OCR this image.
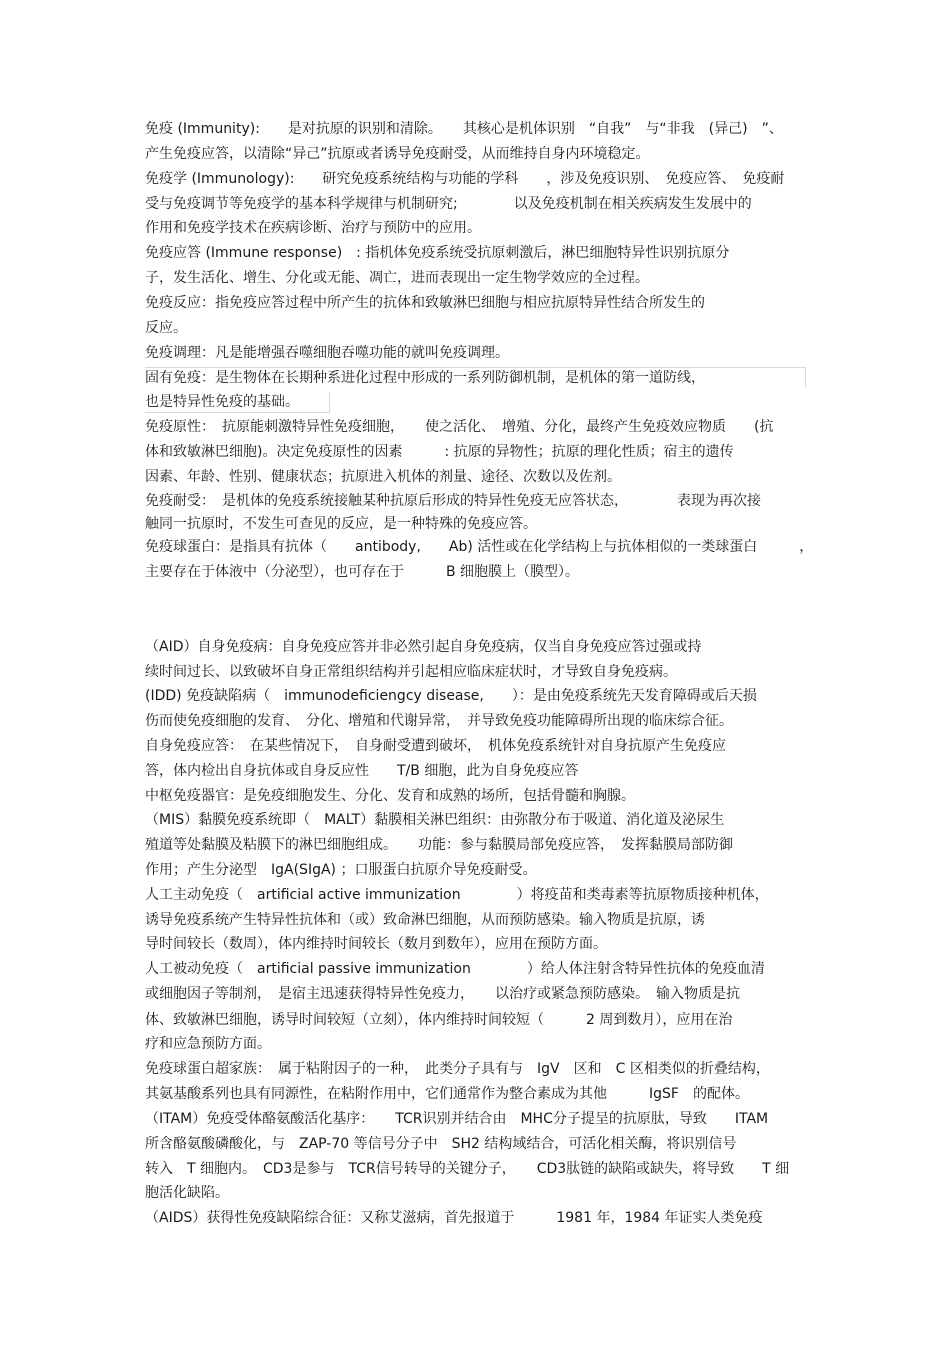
免疫 (Immunity):　　是对抗原的识别和清除。　　其核心是机体识别　“自我”　与“非我　(异己)　”、
产生免疫应答，以清除“异己”抗原或者诱导免疫耐受，从而维持自身内环境稳定。
免疫学 (Immunology):　　研究免疫系统结构与功能的学科　　，涉及免疫识别、　免疫应答、　免疫耐
受与免疫调节等免疫学的基本科学规律与机制研究;　　　　以及免疫机制在相关疾病发生发展中的
作用和免疫学技术在疾病诊断、治疗与预防中的应用。
免疫应答 (Immune response)　: 指机体免疫系统受抗原刺激后，淋巴细胞特异性识别抗原分
子，发生活化、增生、分化或无能、凋亡，进而表现出一定生物学效应的全过程。
免疫反应：指免疫应答过程中所产生的抗体和致敏淋巴细胞与相应抗原特异性结合所发生的
反应。
免疫调理：凡是能增强吞噬细胞吞噬功能的就叫免疫调理。
固有免疫：是生物体在长期种系进化过程中形成的一系列防御机制，是机体的第一道防线，
也是特异性免疫的基础。
免疫原性：　抗原能刺激特异性免疫细胞，　　使之活化、　增殖、分化，最终产生免疫效应物质　　(抗
体和致敏淋巴细胞)。决定免疫原性的因素　　　: 抗原的异物性；抗原的理化性质；宿主的遗传
因素、年龄、性别、健康状态；抗原进入机体的剂量、途径、次数以及佐剂。
免疫耐受：　是机体的免疫系统接触某种抗原后形成的特异性免疫无应答状态，　　　　表现为再次接
触同一抗原时，不发生可查见的反应，是一种特殊的免疫应答。
免疫球蛋白：是指具有抗体（　　antibody,　　Ab) 活性或在化学结构上与抗体相似的一类球蛋白　　　，
主要存在于体液中（分泌型），也可存在于　　　B 细胞膜上（膜型）。
（AID）自身免疫病：自身免疫应答并非必然引起自身免疫病，仅当自身免疫应答过强或持
续时间过长、以致破坏自身正常组织结构并引起相应临床症状时，才导致自身免疫病。
(IDD) 免疫缺陷病（　immunodeficiengcy disease,　　）：是由免疫系统先天发育障碍或后天损
伤而使免疫细胞的发育、　分化、增殖和代谢异常，　并导致免疫功能障碍所出现的临床综合征。
自身免疫应答：　在某些情况下，　自身耐受遭到破坏，　机体免疫系统针对自身抗原产生免疫应
答，体内检出自身抗体或自身反应性　　T/B 细胞，此为自身免疫应答
中枢免疫器官：是免疫细胞发生、分化、发育和成熟的场所，包括骨髓和胸腺。
（MIS）黏膜免疫系统即（　MALT）黏膜相关淋巴组织：由弥散分布于吸道、消化道及泌尿生
殖道等处黏膜及粘膜下的淋巴细胞组成。　　功能：参与黏膜局部免疫应答，　发挥黏膜局部防御
作用；产生分泌型　IgA(SIgA) ；口服蛋白抗原介导免疫耐受。
人工主动免疫（　artificial active immunization　　　　）将疫苗和类毒素等抗原物质接种机体，
诱导免疫系统产生特异性抗体和（或）致命淋巴细胞，从而预防感染。输入物质是抗原，诱
导时间较长（数周），体内维持时间较长（数月到数年），应用在预防方面。
人工被动免疫（　artificial passive immunization　　　　）给人体注射含特异性抗体的免疫血清
或细胞因子等制剂，　是宿主迅速获得特异性免疫力，　　以治疗或紧急预防感染。　输入物质是抗
体、致敏淋巴细胞，诱导时间较短（立刻），体内维持时间较短（　　　2 周到数月），应用在治
疗和应急预防方面。
免疫球蛋白超家族：　属于粘附因子的一种，　此类分子具有与　IgV　区和　C 区相类似的折叠结构，
其氨基酸系列也具有同源性，在粘附作用中，它们通常作为整合素成为其他　　　IgSF　的配体。
（ITAM）免疫受体酪氨酸活化基序：　　TCR识别并结合由　MHC分子提呈的抗原肽，导致　　ITAM
所含酪氨酸磷酸化，与　ZAP-70 等信号分子中　SH2 结构域结合，可活化相关酶，将识别信号
转入　T 细胞内。　CD3是参与　TCR信号转导的关键分子，　　CD3肽链的缺陷或缺失，将导致　　T 细
胞活化缺陷。
（AIDS）获得性免疫缺陷综合征：又称艾滋病，首先报道于　　　1981 年，1984 年证实人类免疫
